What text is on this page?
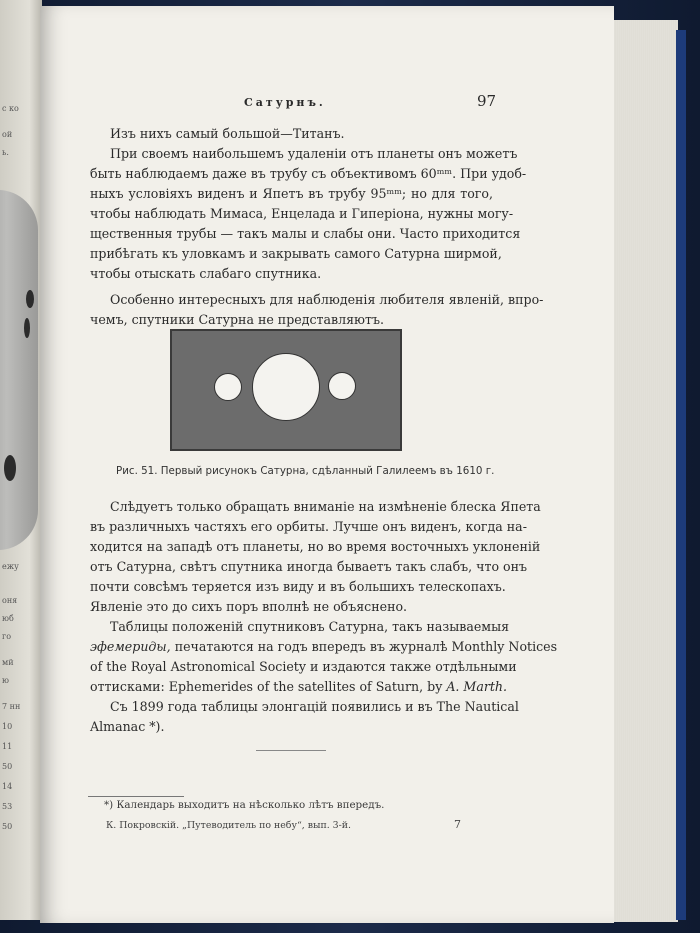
с ко
ой
ь.
ежу
оня
юб
го
мй
ю
7 нн
10
11
50
14
53
50
Сатурнъ.	97
Изъ нихъ самый большой—Титанъ.
При своемъ наибольшемъ удаленіи отъ планеты онъ можетъ
быть наблюдаемъ даже въ трубу съ объективомъ 60ᵐᵐ. При удоб-
ныхъ условіяхъ виденъ и Япетъ въ трубу 95ᵐᵐ; но для того,
чтобы наблюдать Мимаса, Енцелада и Гиперіона, нужны могу-
щественныя трубы — такъ малы и слабы они. Часто приходится
прибѣгать къ уловкамъ и закрывать самого Сатурна ширмой,
чтобы отыскать слабаго спутника.
Особенно интересныхъ для наблюденія любителя явленій, впро-
чемъ, спутники Сатурна не представляютъ.
Рис. 51. Первый рисунокъ Сатурна, сдѣланный Галилеемъ въ 1610 г.
Слѣдуетъ только обращать вниманіе на измѣненіе блеска Япета
въ различныхъ частяхъ его орбиты. Лучше онъ виденъ, когда на-
ходится на западѣ отъ планеты, но во время восточныхъ уклоненій
отъ Сатурна, свѣтъ спутника иногда бываетъ такъ слабъ, что онъ
почти совсѣмъ теряется изъ виду и въ большихъ телескопахъ.
Явленіе это до сихъ поръ вполнѣ не объяснено.
Таблицы положеній спутниковъ Сатурна, такъ называемыя
эфемериды, печатаются на годъ впередъ въ журналѣ Monthly Notices
of the Royal Astronomical Society и издаются также отдѣльными
оттисками: Ephemerides of the satellites of Saturn, by A. Marth.
Съ 1899 года таблицы элонгацій появились и въ The Nautical
Almanac *).
*) Календарь выходитъ на нѣсколько лѣтъ впередъ.
К. Покровскій. „Путеводитель по небу“, вып. 3-й.	7
